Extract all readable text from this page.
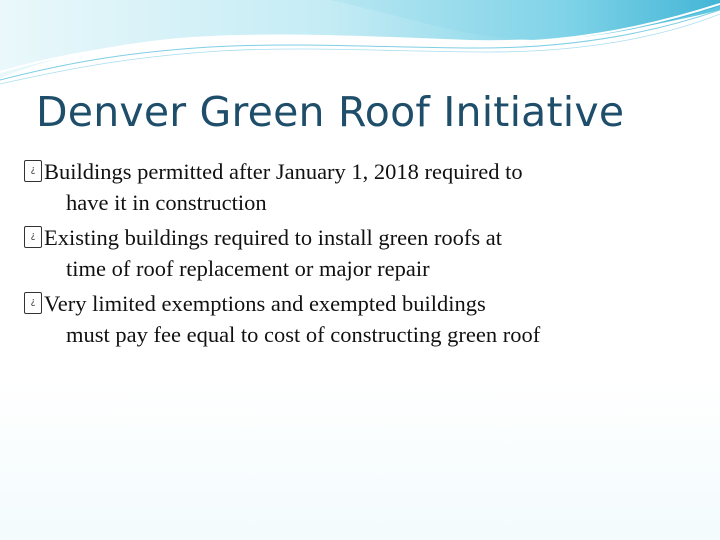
Denver Green Roof Initiative
¿ Buildings permitted after January 1, 2018 required to
have it in construction
¿ Existing buildings required to install green roofs at
time of roof replacement or major repair
¿ Very limited exemptions and exempted buildings
must pay fee equal to cost of constructing green roof
